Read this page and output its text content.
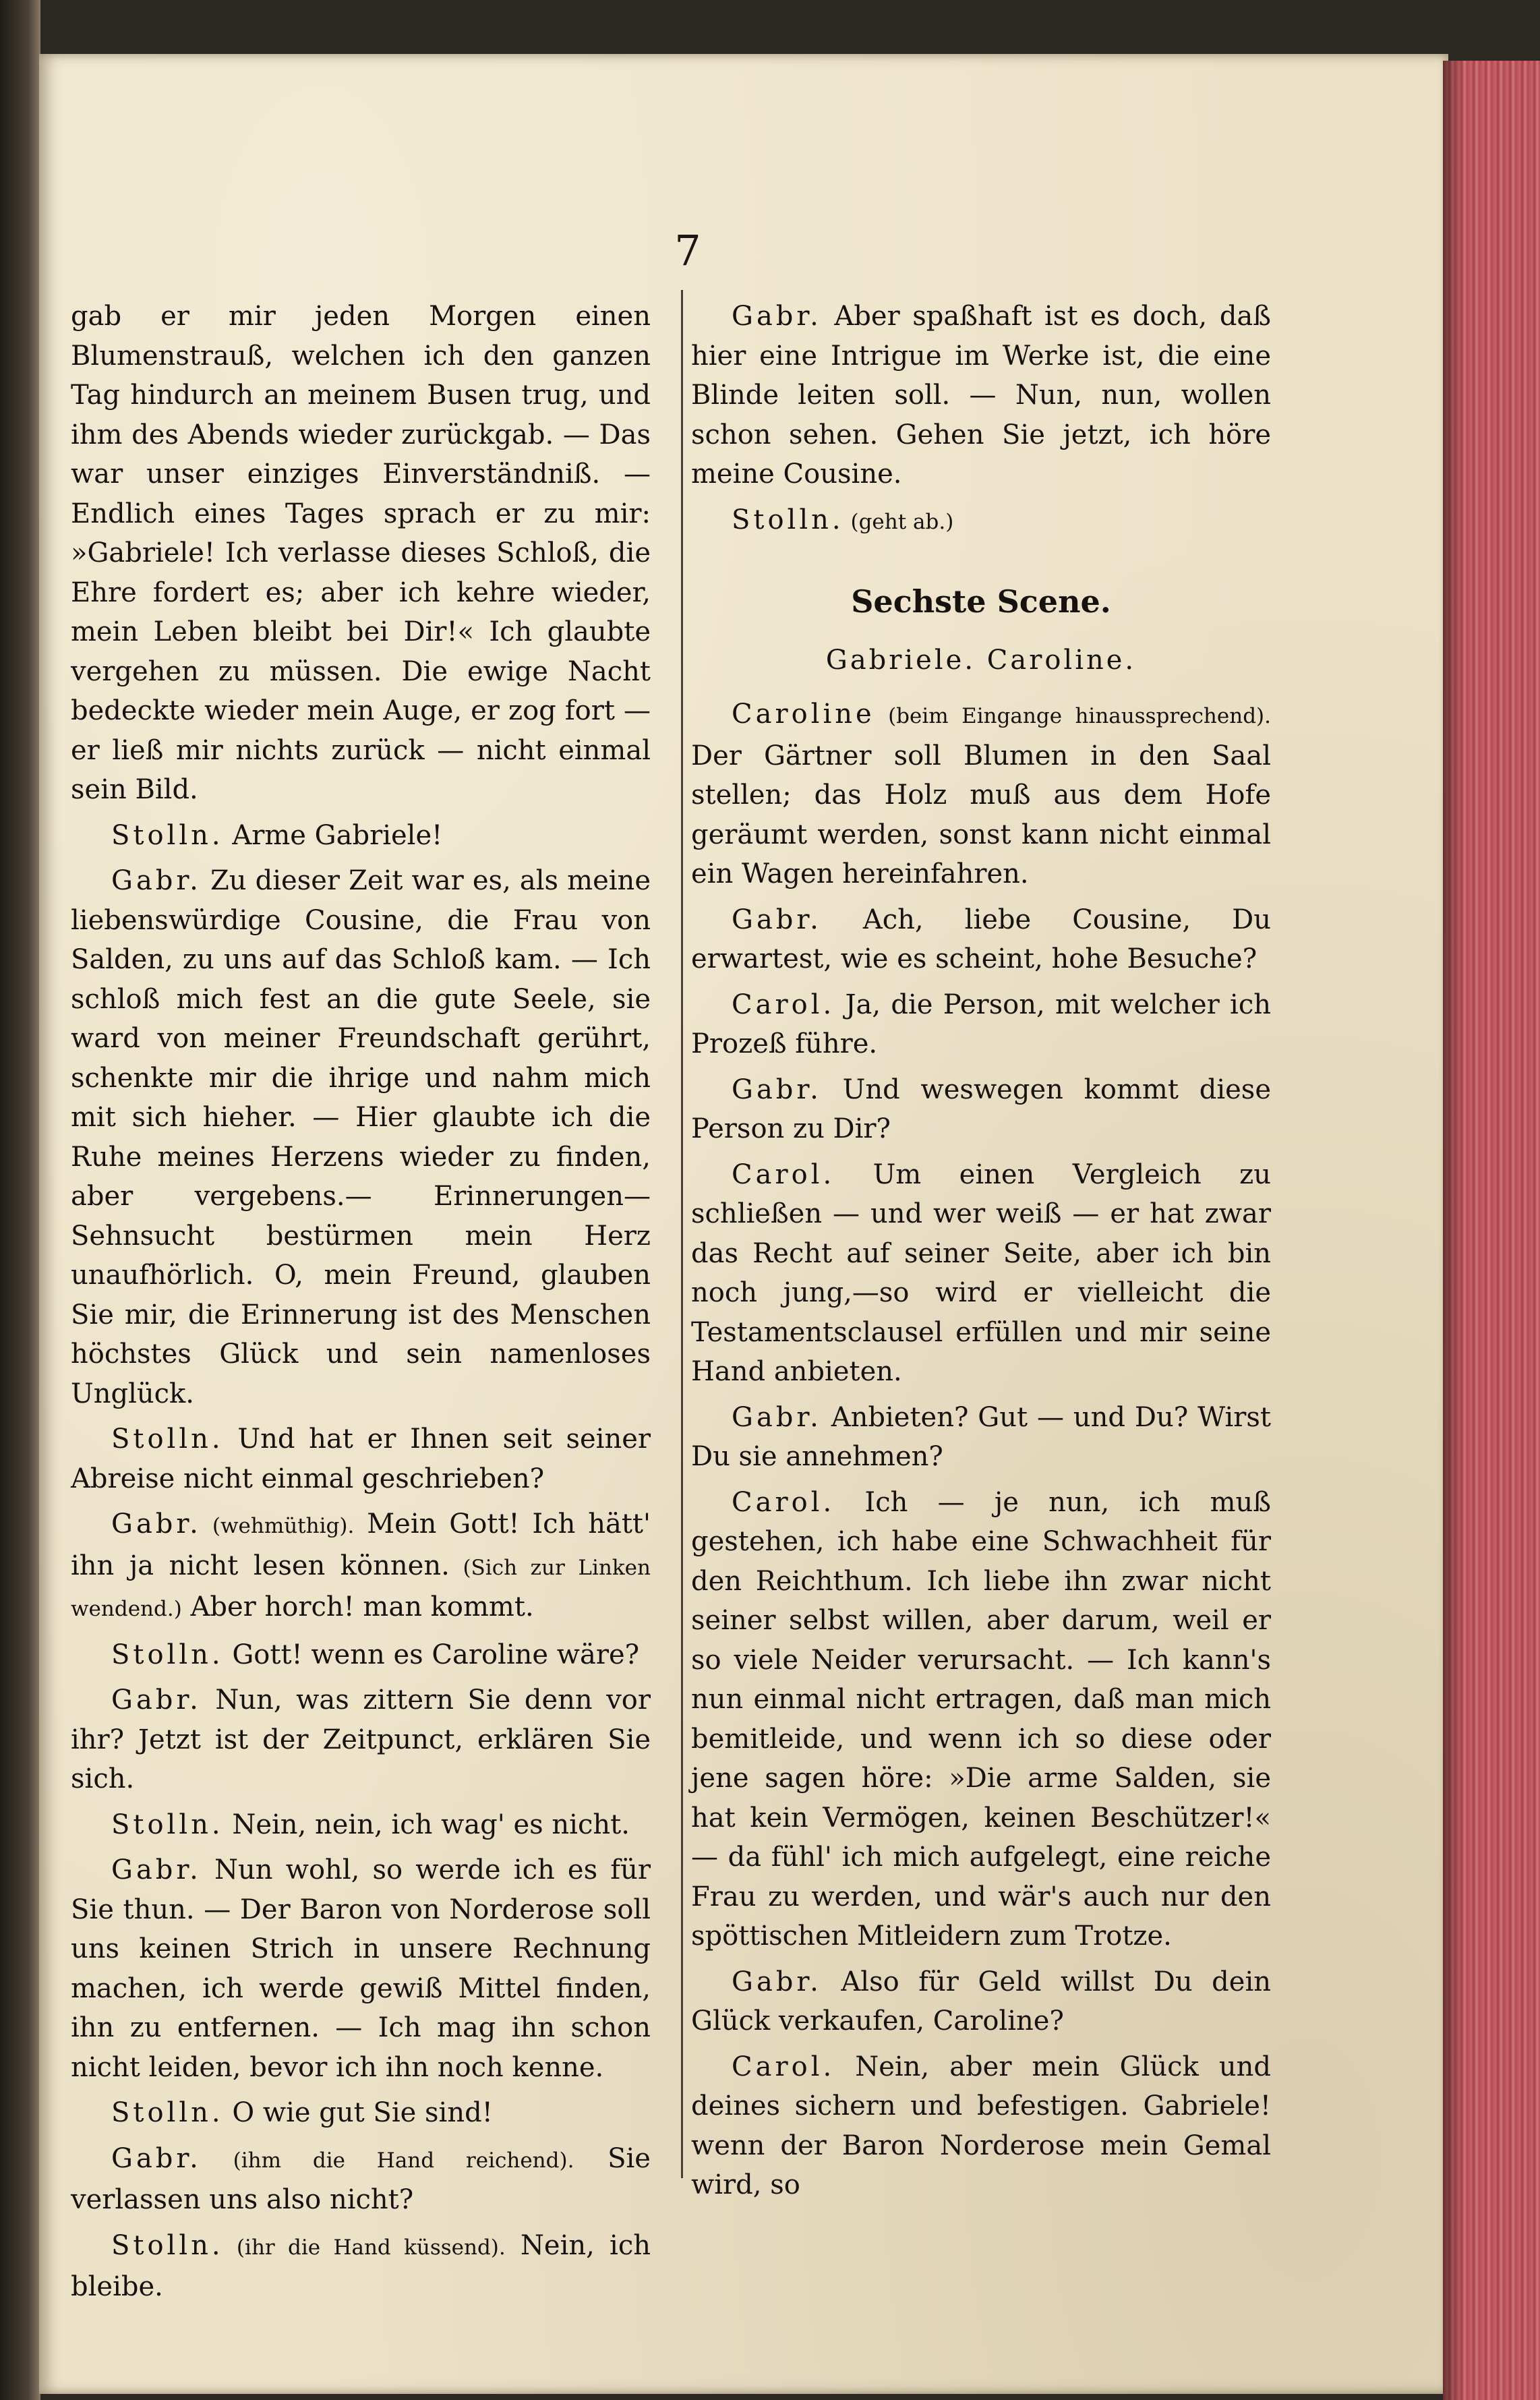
7

gab er mir jeden Morgen einen Blumenstrauß, welchen ich den ganzen Tag hindurch an meinem Busen trug, und ihm des Abends wieder zurückgab. — Das war unser einziges Einverständniß. — Endlich eines Tages sprach er zu mir: »Gabriele! Ich verlasse dieses Schloß, die Ehre fordert es; aber ich kehre wieder, mein Leben bleibt bei Dir!« Ich glaubte vergehen zu müssen. Die ewige Nacht bedeckte wieder mein Auge, er zog fort — er ließ mir nichts zurück — nicht einmal sein Bild.

Stolln. Arme Gabriele!

Gabr. Zu dieser Zeit war es, als meine liebenswürdige Cousine, die Frau von Salden, zu uns auf das Schloß kam. — Ich schloß mich fest an die gute Seele, sie ward von meiner Freundschaft gerührt, schenkte mir die ihrige und nahm mich mit sich hieher. — Hier glaubte ich die Ruhe meines Herzens wieder zu finden, aber vergebens.— Erinnerungen—Sehnsucht bestürmen mein Herz unaufhörlich. O, mein Freund, glauben Sie mir, die Erinnerung ist des Menschen höchstes Glück und sein namenloses Unglück.

Stolln. Und hat er Ihnen seit seiner Abreise nicht einmal geschrieben?

Gabr. (wehmüthig). Mein Gott! Ich hätt' ihn ja nicht lesen können. (Sich zur Linken wendend.) Aber horch! man kommt.

Stolln. Gott! wenn es Caroline wäre?

Gabr. Nun, was zittern Sie denn vor ihr? Jetzt ist der Zeitpunct, erklären Sie sich.

Stolln. Nein, nein, ich wag' es nicht.

Gabr. Nun wohl, so werde ich es für Sie thun. — Der Baron von Norderose soll uns keinen Strich in unsere Rechnung machen, ich werde gewiß Mittel finden, ihn zu entfernen. — Ich mag ihn schon nicht leiden, bevor ich ihn noch kenne.

Stolln. O wie gut Sie sind!

Gabr. (ihm die Hand reichend). Sie verlassen uns also nicht?

Stolln. (ihr die Hand küssend). Nein, ich bleibe.

Gabr. Aber spaßhaft ist es doch, daß hier eine Intrigue im Werke ist, die eine Blinde leiten soll. — Nun, nun, wollen schon sehen. Gehen Sie jetzt, ich höre meine Cousine.

Stolln. (geht ab.)

Sechste Scene.
Gabriele. Caroline.

Caroline (beim Eingange hinaussprechend). Der Gärtner soll Blumen in den Saal stellen; das Holz muß aus dem Hofe geräumt werden, sonst kann nicht einmal ein Wagen hereinfahren.

Gabr. Ach, liebe Cousine, Du erwartest, wie es scheint, hohe Besuche?

Carol. Ja, die Person, mit welcher ich Prozeß führe.

Gabr. Und weswegen kommt diese Person zu Dir?

Carol. Um einen Vergleich zu schließen — und wer weiß — er hat zwar das Recht auf seiner Seite, aber ich bin noch jung,—so wird er vielleicht die Testamentsclausel erfüllen und mir seine Hand anbieten.

Gabr. Anbieten? Gut — und Du? Wirst Du sie annehmen?

Carol. Ich — je nun, ich muß gestehen, ich habe eine Schwachheit für den Reichthum. Ich liebe ihn zwar nicht seiner selbst willen, aber darum, weil er so viele Neider verursacht. — Ich kann's nun einmal nicht ertragen, daß man mich bemitleide, und wenn ich so diese oder jene sagen höre: »Die arme Salden, sie hat kein Vermögen, keinen Beschützer!« — da fühl' ich mich aufgelegt, eine reiche Frau zu werden, und wär's auch nur den spöttischen Mitleidern zum Trotze.

Gabr. Also für Geld willst Du dein Glück verkaufen, Caroline?

Carol. Nein, aber mein Glück und deines sichern und befestigen. Gabriele! wenn der Baron Norderose mein Gemal wird, so
